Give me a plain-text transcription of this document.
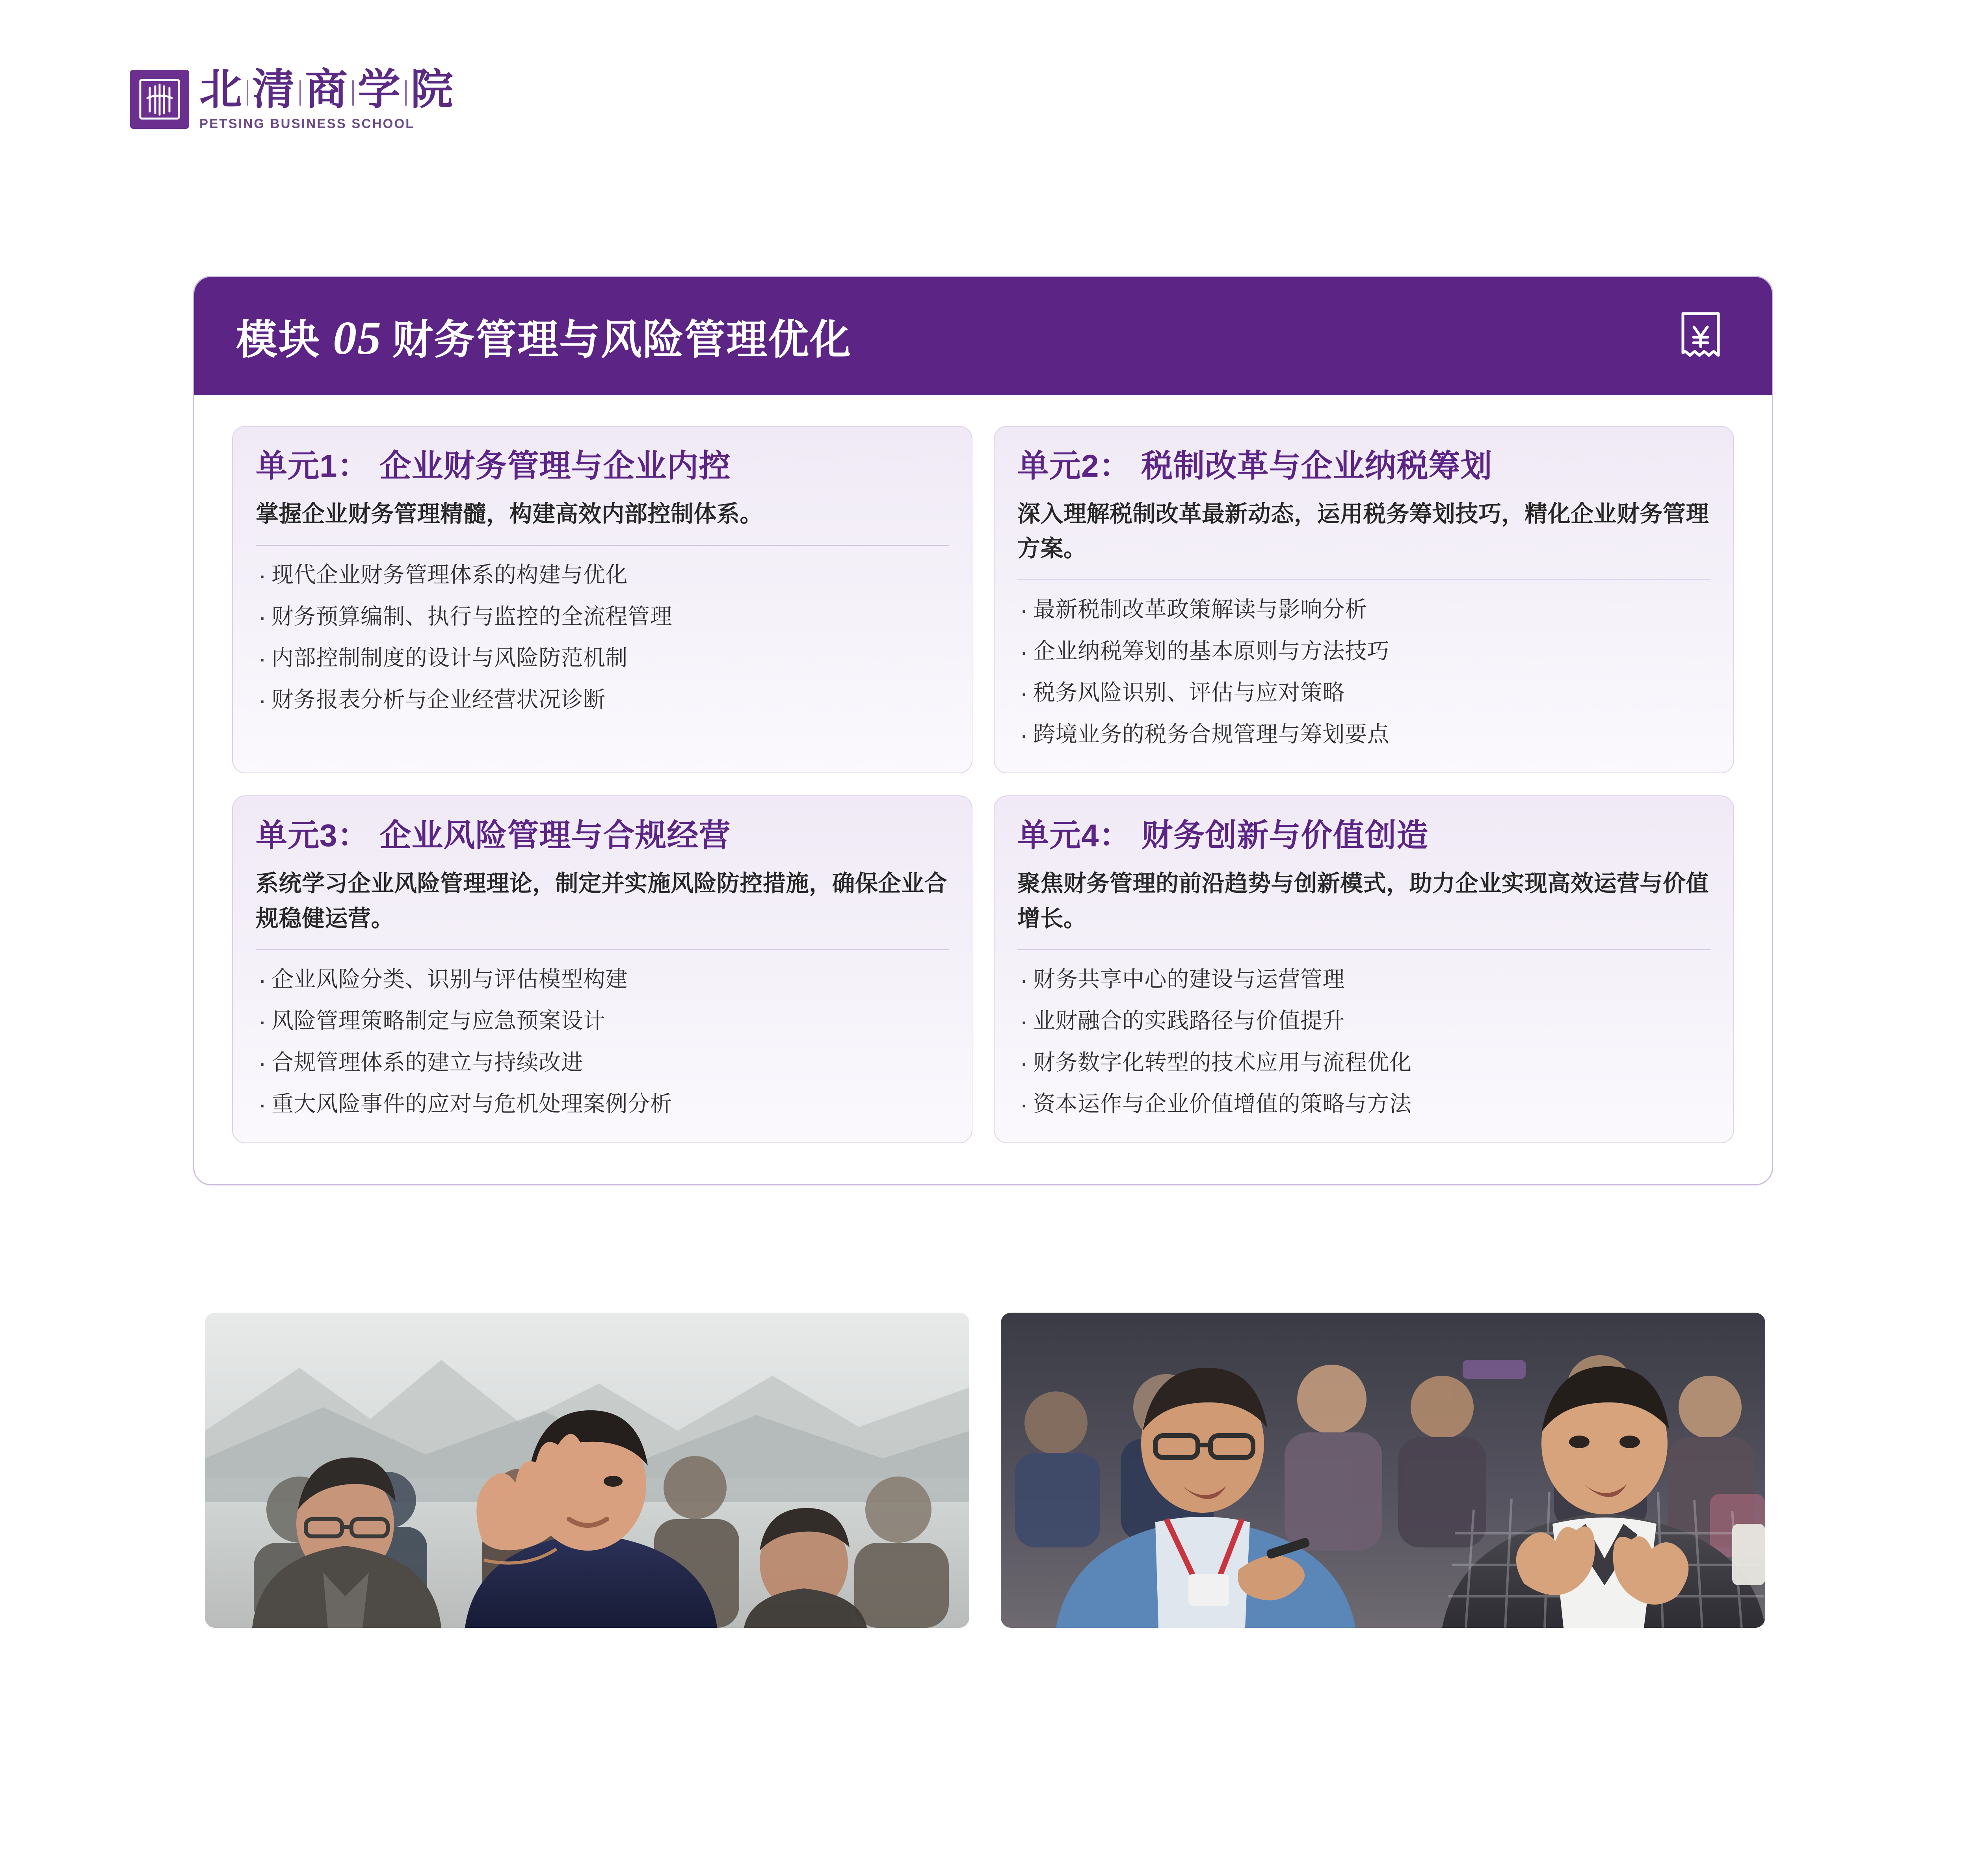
北 清 商 学 院
PETSING BUSINESS SCHOOL
模块 05 财务管理与风险管理优化
单元1： 企业财务管理与企业内控
掌握企业财务管理精髓，构建高效内部控制体系。
· 现代企业财务管理体系的构建与优化
· 财务预算编制、执行与监控的全流程管理
· 内部控制制度的设计与风险防范机制
· 财务报表分析与企业经营状况诊断
单元2： 税制改革与企业纳税筹划
深入理解税制改革最新动态，运用税务筹划技巧，精化企业财务管理方案。
· 最新税制改革政策解读与影响分析
· 企业纳税筹划的基本原则与方法技巧
· 税务风险识别、评估与应对策略
· 跨境业务的税务合规管理与筹划要点
单元3： 企业风险管理与合规经营
系统学习企业风险管理理论，制定并实施风险防控措施，确保企业合规稳健运营。
· 企业风险分类、识别与评估模型构建
· 风险管理策略制定与应急预案设计
· 合规管理体系的建立与持续改进
· 重大风险事件的应对与危机处理案例分析
单元4： 财务创新与价值创造
聚焦财务管理的前沿趋势与创新模式，助力企业实现高效运营与价值增长。
· 财务共享中心的建设与运营管理
· 业财融合的实践路径与价值提升
· 财务数字化转型的技术应用与流程优化
· 资本运作与企业价值增值的策略与方法
